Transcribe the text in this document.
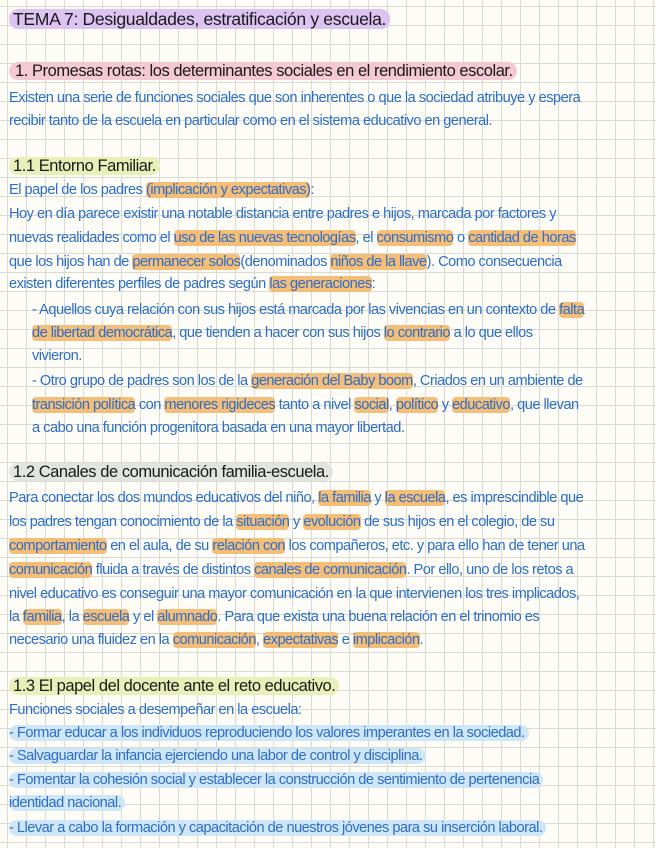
TEMA 7: Desigualdades, estratificación y escuela.
1. Promesas rotas: los determinantes sociales en el rendimiento escolar.
Existen una serie de funciones sociales que son inherentes o que la sociedad atribuye y espera
recibir tanto de la escuela en particular como en el sistema educativo en general.
1.1 Entorno Familiar.
El papel de los padres (implicación y expectativas):
Hoy en día parece existir una notable distancia entre padres e hijos, marcada por factores y
nuevas realidades como el uso de las nuevas tecnologías, el consumismo o cantidad de horas
que los hijos han de permanecer solos(denominados niños de la llave). Como consecuencia
existen diferentes perfiles de padres según las generaciones:
- Aquellos cuya relación con sus hijos está marcada por las vivencias en un contexto de falta
de libertad democrática, que tienden a hacer con sus hijos lo contrario a lo que ellos
vivieron.
- Otro grupo de padres son los de la generación del Baby boom, Criados en un ambiente de
transición política con menores rigideces tanto a nivel social, político y educativo, que llevan
a cabo una función progenitora basada en una mayor libertad.
1.2 Canales de comunicación familia-escuela.
Para conectar los dos mundos educativos del niño, la familia y la escuela, es imprescindible que
los padres tengan conocimiento de la situación y evolución de sus hijos en el colegio, de su
comportamiento en el aula, de su relación con los compañeros, etc. y para ello han de tener una
comunicación fluida a través de distintos canales de comunicación. Por ello, uno de los retos a
nivel educativo es conseguir una mayor comunicación en la que intervienen los tres implicados,
la familia, la escuela y el alumnado. Para que exista una buena relación en el trinomio es
necesario una fluidez en la comunicación, expectativas e implicación.
1.3 El papel del docente ante el reto educativo.
Funciones sociales a desempeñar en la escuela:
- Formar educar a los individuos reproduciendo los valores imperantes en la sociedad.
- Salvaguardar la infancia ejerciendo una labor de control y disciplina.
- Fomentar la cohesión social y establecer la construcción de sentimiento de pertenencia
identidad nacional.
- Llevar a cabo la formación y capacitación de nuestros jóvenes para su inserción laboral.
